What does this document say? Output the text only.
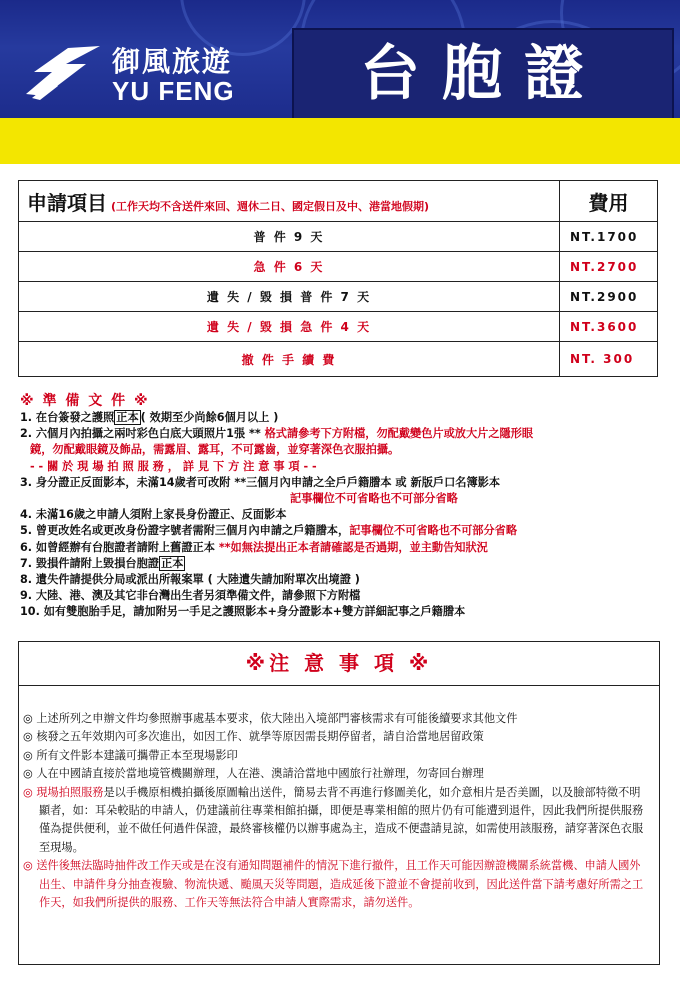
御風旅遊
YU FENG	台胞證
申請項目 (工作天均不含送件來回、週休二日、國定假日及中、港當地假期)	費用
普 件 9 天	NT.1700
急 件 6 天	NT.2700
遺 失 / 毀 損 普 件 7 天	NT.2900
遺 失 / 毀 損 急 件 4 天	NT.3600
撤 件 手 續 費	NT. 300
※ 準 備 文 件 ※
1. 在台簽發之護照 正本 ( 效期至少尚餘6個月以上 )
2. 六個月內拍攝之兩吋彩色白底大頭照片1張 ** 格式請參考下方附檔，勿配戴變色片或放大片之隱形眼
鏡，勿配戴眼鏡及飾品，需露眉、露耳，不可露齒，並穿著深色衣服拍攝。
- - 關 於 現 場 拍 照 服 務 ， 詳 見 下 方 注 意 事 項 - -
3. 身分證正反面影本，未滿14歲者可改附 **三個月內申請之全戶戶籍謄本 或 新版戶口名簿影本
記事欄位不可省略也不可部分省略
4. 未滿16歲之申請人須附上家長身份證正、反面影本
5. 曾更改姓名或更改身份證字號者需附三個月內申請之戶籍謄本，記事欄位不可省略也不可部分省略
6. 如曾經辦有台胞證者請附上舊證正本 **如無法提出正本者請確認是否過期，並主動告知狀況
7. 毀損件請附上毀損台胞證 正本
8. 遺失件請提供分局或派出所報案單 ( 大陸遺失請加附單次出境證 )
9. 大陸、港、澳及其它非台灣出生者另須準備文件，請參照下方附檔
10. 如有雙胞胎手足，請加附另一手足之護照影本+身分證影本+雙方詳細記事之戶籍謄本
※注 意 事 項 ※
◎ 上述所列之申辦文件均參照辦事處基本要求，依大陸出入境部門審核需求有可能後續要求其他文件
◎ 核發之五年效期內可多次進出，如因工作、就學等原因需長期停留者，請自洽當地居留政策
◎ 所有文件影本建議可攜帶正本至現場影印
◎ 人在中國請直接於當地境管機關辦理，人在港、澳請洽當地中國旅行社辦理，勿寄回台辦理
◎ 現場拍照服務是以手機原相機拍攝後原圖輸出送件，簡易去背不再進行修圖美化，如介意相片是否美圖，以及臉部特徵不明顯者，如：耳朵較貼的申請人，仍建議前往專業相館拍攝，即便是專業相館的照片仍有可能遭到退件，因此我們所提供服務僅為提供便利，並不做任何過件保證，最終審核權仍以辦事處為主，造成不便盡請見諒，如需使用該服務，請穿著深色衣服至現場。
◎ 送件後無法臨時抽件改工作天或是在沒有通知問題補件的情況下進行撤件，且工作天可能因辦證機關系統當機、申請人國外出生、申請件身分抽查複驗、物流快遞、颱風天災等問題，造成延後下證並不會提前收到，因此送件當下請考慮好所需之工作天，如我們所提供的服務、工作天等無法符合申請人實際需求，請勿送件。
